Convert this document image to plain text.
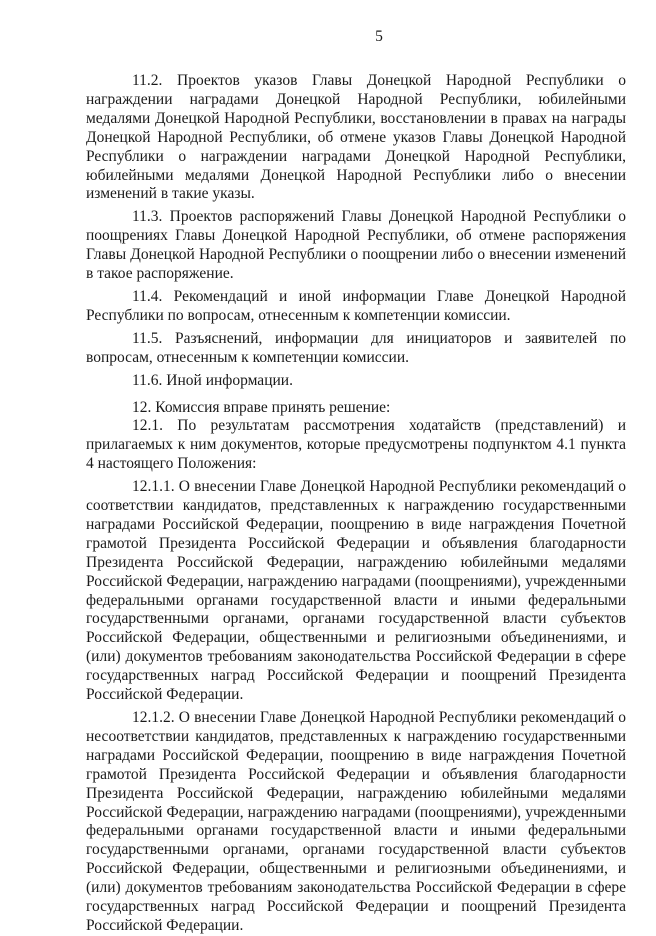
5

11.2. Проектов указов Главы Донецкой Народной Республики о награждении наградами Донецкой Народной Республики, юбилейными медалями Донецкой Народной Республики, восстановлении в правах на награды Донецкой Народной Республики, об отмене указов Главы Донецкой Народной Республики о награждении наградами Донецкой Народной Республики, юбилейными медалями Донецкой Народной Республики либо о внесении изменений в такие указы.

11.3. Проектов распоряжений Главы Донецкой Народной Республики о поощрениях Главы Донецкой Народной Республики, об отмене распоряжения Главы Донецкой Народной Республики о поощрении либо о внесении изменений в такое распоряжение.

11.4. Рекомендаций и иной информации Главе Донецкой Народной Республики по вопросам, отнесенным к компетенции комиссии.

11.5. Разъяснений, информации для инициаторов и заявителей по вопросам, отнесенным к компетенции комиссии.

11.6. Иной информации.

12. Комиссия вправе принять решение:

12.1. По результатам рассмотрения ходатайств (представлений) и прилагаемых к ним документов, которые предусмотрены подпунктом 4.1 пункта 4 настоящего Положения:

12.1.1. О внесении Главе Донецкой Народной Республики рекомендаций о соответствии кандидатов, представленных к награждению государственными наградами Российской Федерации, поощрению в виде награждения Почетной грамотой Президента Российской Федерации и объявления благодарности Президента Российской Федерации, награждению юбилейными медалями Российской Федерации, награждению наградами (поощрениями), учрежденными федеральными органами государственной власти и иными федеральными государственными органами, органами государственной власти субъектов Российской Федерации, общественными и религиозными объединениями, и (или) документов требованиям законодательства Российской Федерации в сфере государственных наград Российской Федерации и поощрений Президента Российской Федерации.

12.1.2. О внесении Главе Донецкой Народной Республики рекомендаций о несоответствии кандидатов, представленных к награждению государственными наградами Российской Федерации, поощрению в виде награждения Почетной грамотой Президента Российской Федерации и объявления благодарности Президента Российской Федерации, награждению юбилейными медалями Российской Федерации, награждению наградами (поощрениями), учрежденными федеральными органами государственной власти и иными федеральными государственными органами, органами государственной власти субъектов Российской Федерации, общественными и религиозными объединениями, и (или) документов требованиям законодательства Российской Федерации в сфере государственных наград Российской Федерации и поощрений Президента Российской Федерации.
